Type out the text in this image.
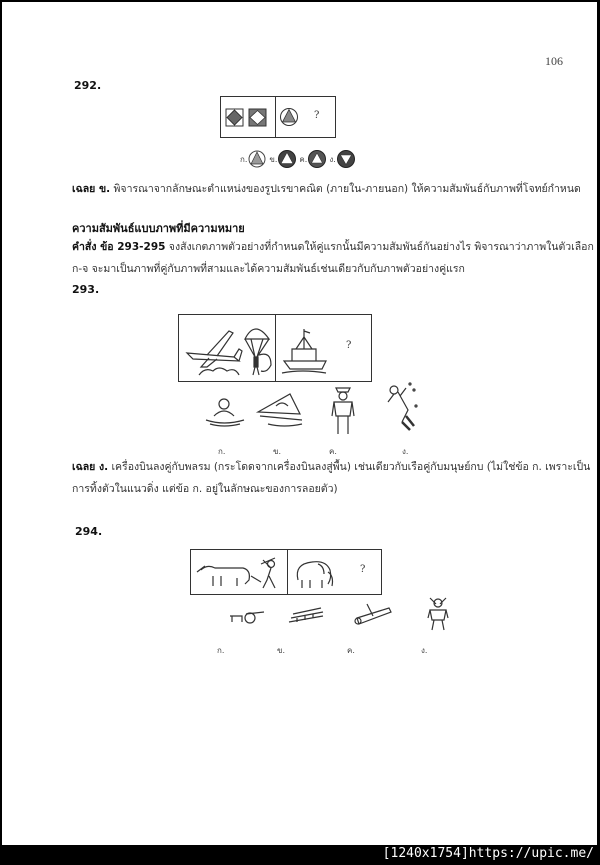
106
292.
?
ก.	ข.	ค.	ง.
เฉลย ข. พิจารณาจากลักษณะตำแหน่งของรูปเรขาคณิต (ภายใน-ภายนอก) ให้ความสัมพันธ์กับภาพที่โจทย์กำหนด
ความสัมพันธ์แบบภาพที่มีความหมาย
คำสั่ง ข้อ 293-295 จงสังเกตภาพตัวอย่างที่กำหนดให้คู่แรกนั้นมีความสัมพันธ์กันอย่างไร พิจารณาว่าภาพในตัวเลือก
ก-จ จะมาเป็นภาพที่คู่กับภาพที่สามและได้ความสัมพันธ์เช่นเดียวกับกับภาพตัวอย่างคู่แรก
293.
?
ก.	ข.	ค.	ง.
เฉลย ง. เครื่องบินลงคู่กับพลรม (กระโดดจากเครื่องบินลงสู่พื้น) เช่นเดียวกับเรือคู่กับมนุษย์กบ (ไม่ใช่ข้อ ก. เพราะเป็น
การทิ้งตัวในแนวดิ่ง แต่ข้อ ก. อยู่ในลักษณะของการลอยตัว)
294.
?
ก.	ข.	ค.	ง.
[1240x1754]https://upic.me/
